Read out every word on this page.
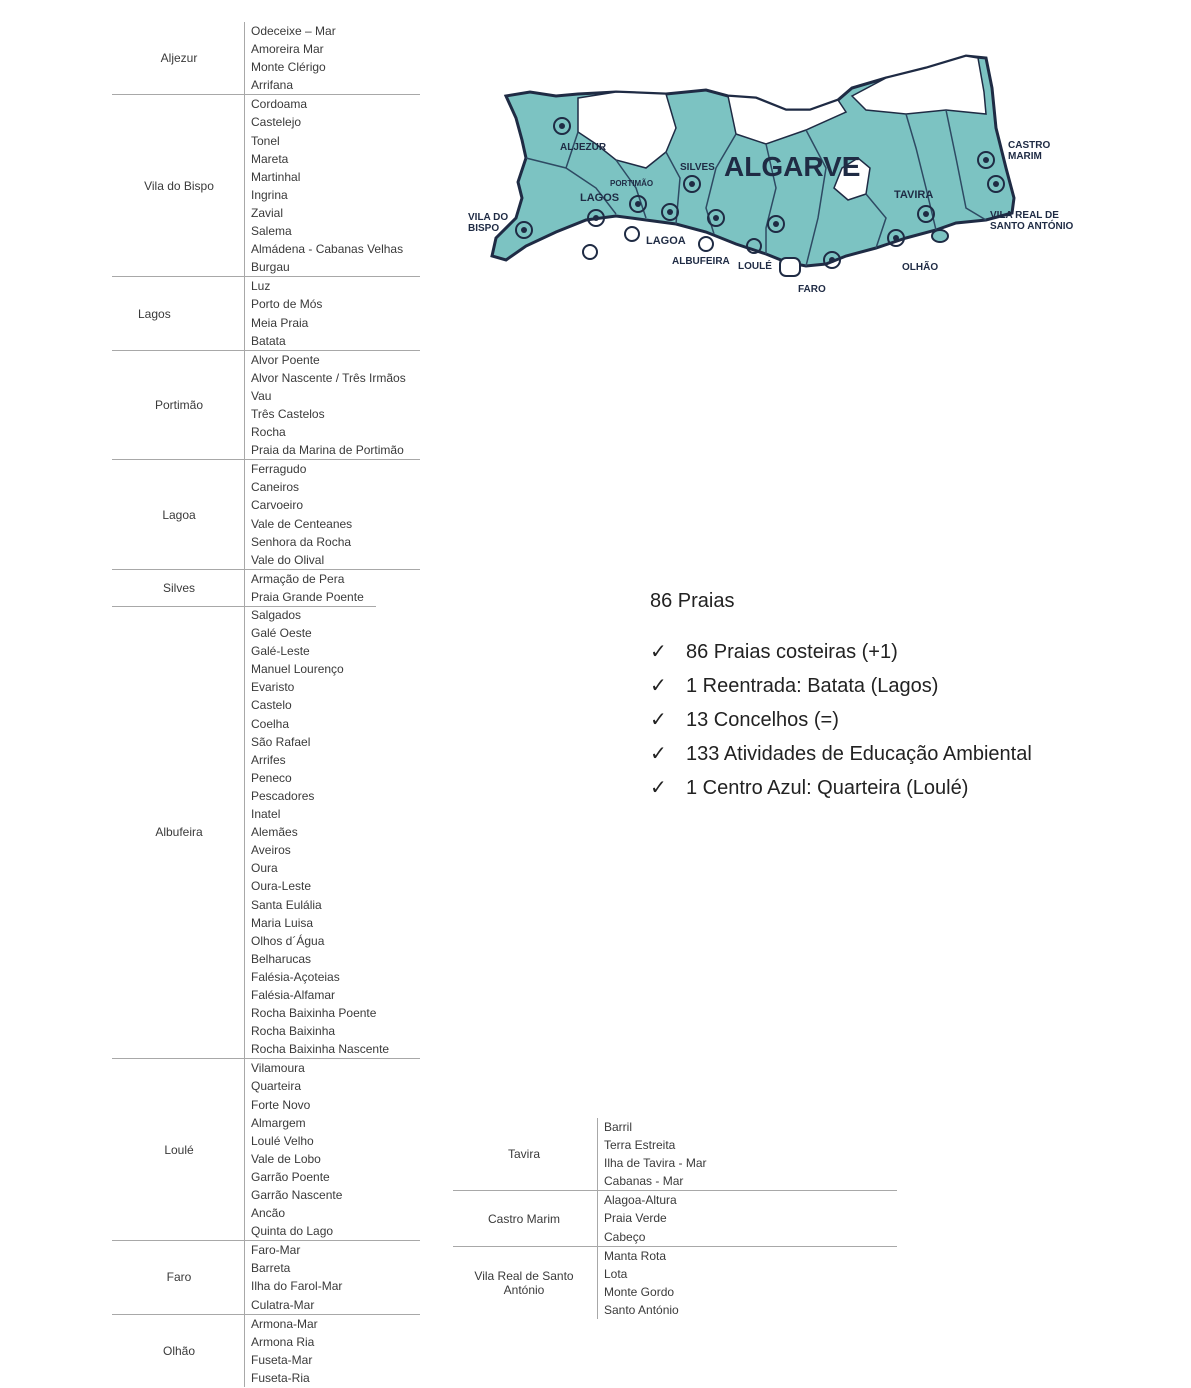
Aljezur
Odeceixe – Mar
Amoreira Mar
Monte Clérigo
Arrifana
Vila do Bispo
Cordoama
Castelejo
Tonel
Mareta
Martinhal
Ingrina
Zavial
Salema
Almádena - Cabanas Velhas
Burgau
Lagos
Luz
Porto de Mós
Meia Praia
Batata
Portimão
Alvor Poente
Alvor Nascente / Três Irmãos
Vau
Três Castelos
Rocha
Praia da Marina de Portimão
Lagoa
Ferragudo
Caneiros
Carvoeiro
Vale de Centeanes
Senhora da Rocha
Vale do Olival
Silves
Armação de Pera
Praia Grande Poente
Albufeira
Salgados
Galé Oeste
Galé-Leste
Manuel Lourenço
Evaristo
Castelo
Coelha
São Rafael
Arrifes
Peneco
Pescadores
Inatel
Alemães
Aveiros
Oura
Oura-Leste
Santa Eulália
Maria Luisa
Olhos d´Água
Belharucas
Falésia-Açoteias
Falésia-Alfamar
Rocha Baixinha Poente
Rocha Baixinha
Rocha Baixinha Nascente
Loulé
Vilamoura
Quarteira
Forte Novo
Almargem
Loulé Velho
Vale de Lobo
Garrão Poente
Garrão Nascente
Ancão
Quinta do Lago
Faro
Faro-Mar
Barreta
Ilha do Farol-Mar
Culatra-Mar
Olhão
Armona-Mar
Armona Ria
Fuseta-Mar
Fuseta-Ria
ALGARVE
ALJEZUR
SILVES
PORTIMÃO
LAGOS
VILA DO
BISPO
LAGOA
ALBUFEIRA LOULÉ
FARO
OLHÃO
TAVIRA
CASTRO
MARIM
VILA REAL DE
SANTO ANTÓNIO
86 Praias
✓ 86 Praias costeiras (+1)
✓ 1 Reentrada: Batata (Lagos)
✓ 13 Concelhos (=)
✓ 133 Atividades de Educação Ambiental
✓ 1 Centro Azul: Quarteira (Loulé)
Tavira
Barril
Terra Estreita
Ilha de Tavira - Mar
Cabanas - Mar
Castro Marim
Alagoa-Altura
Praia Verde
Cabeço
Vila Real de Santo António
Manta Rota
Lota
Monte Gordo
Santo António
